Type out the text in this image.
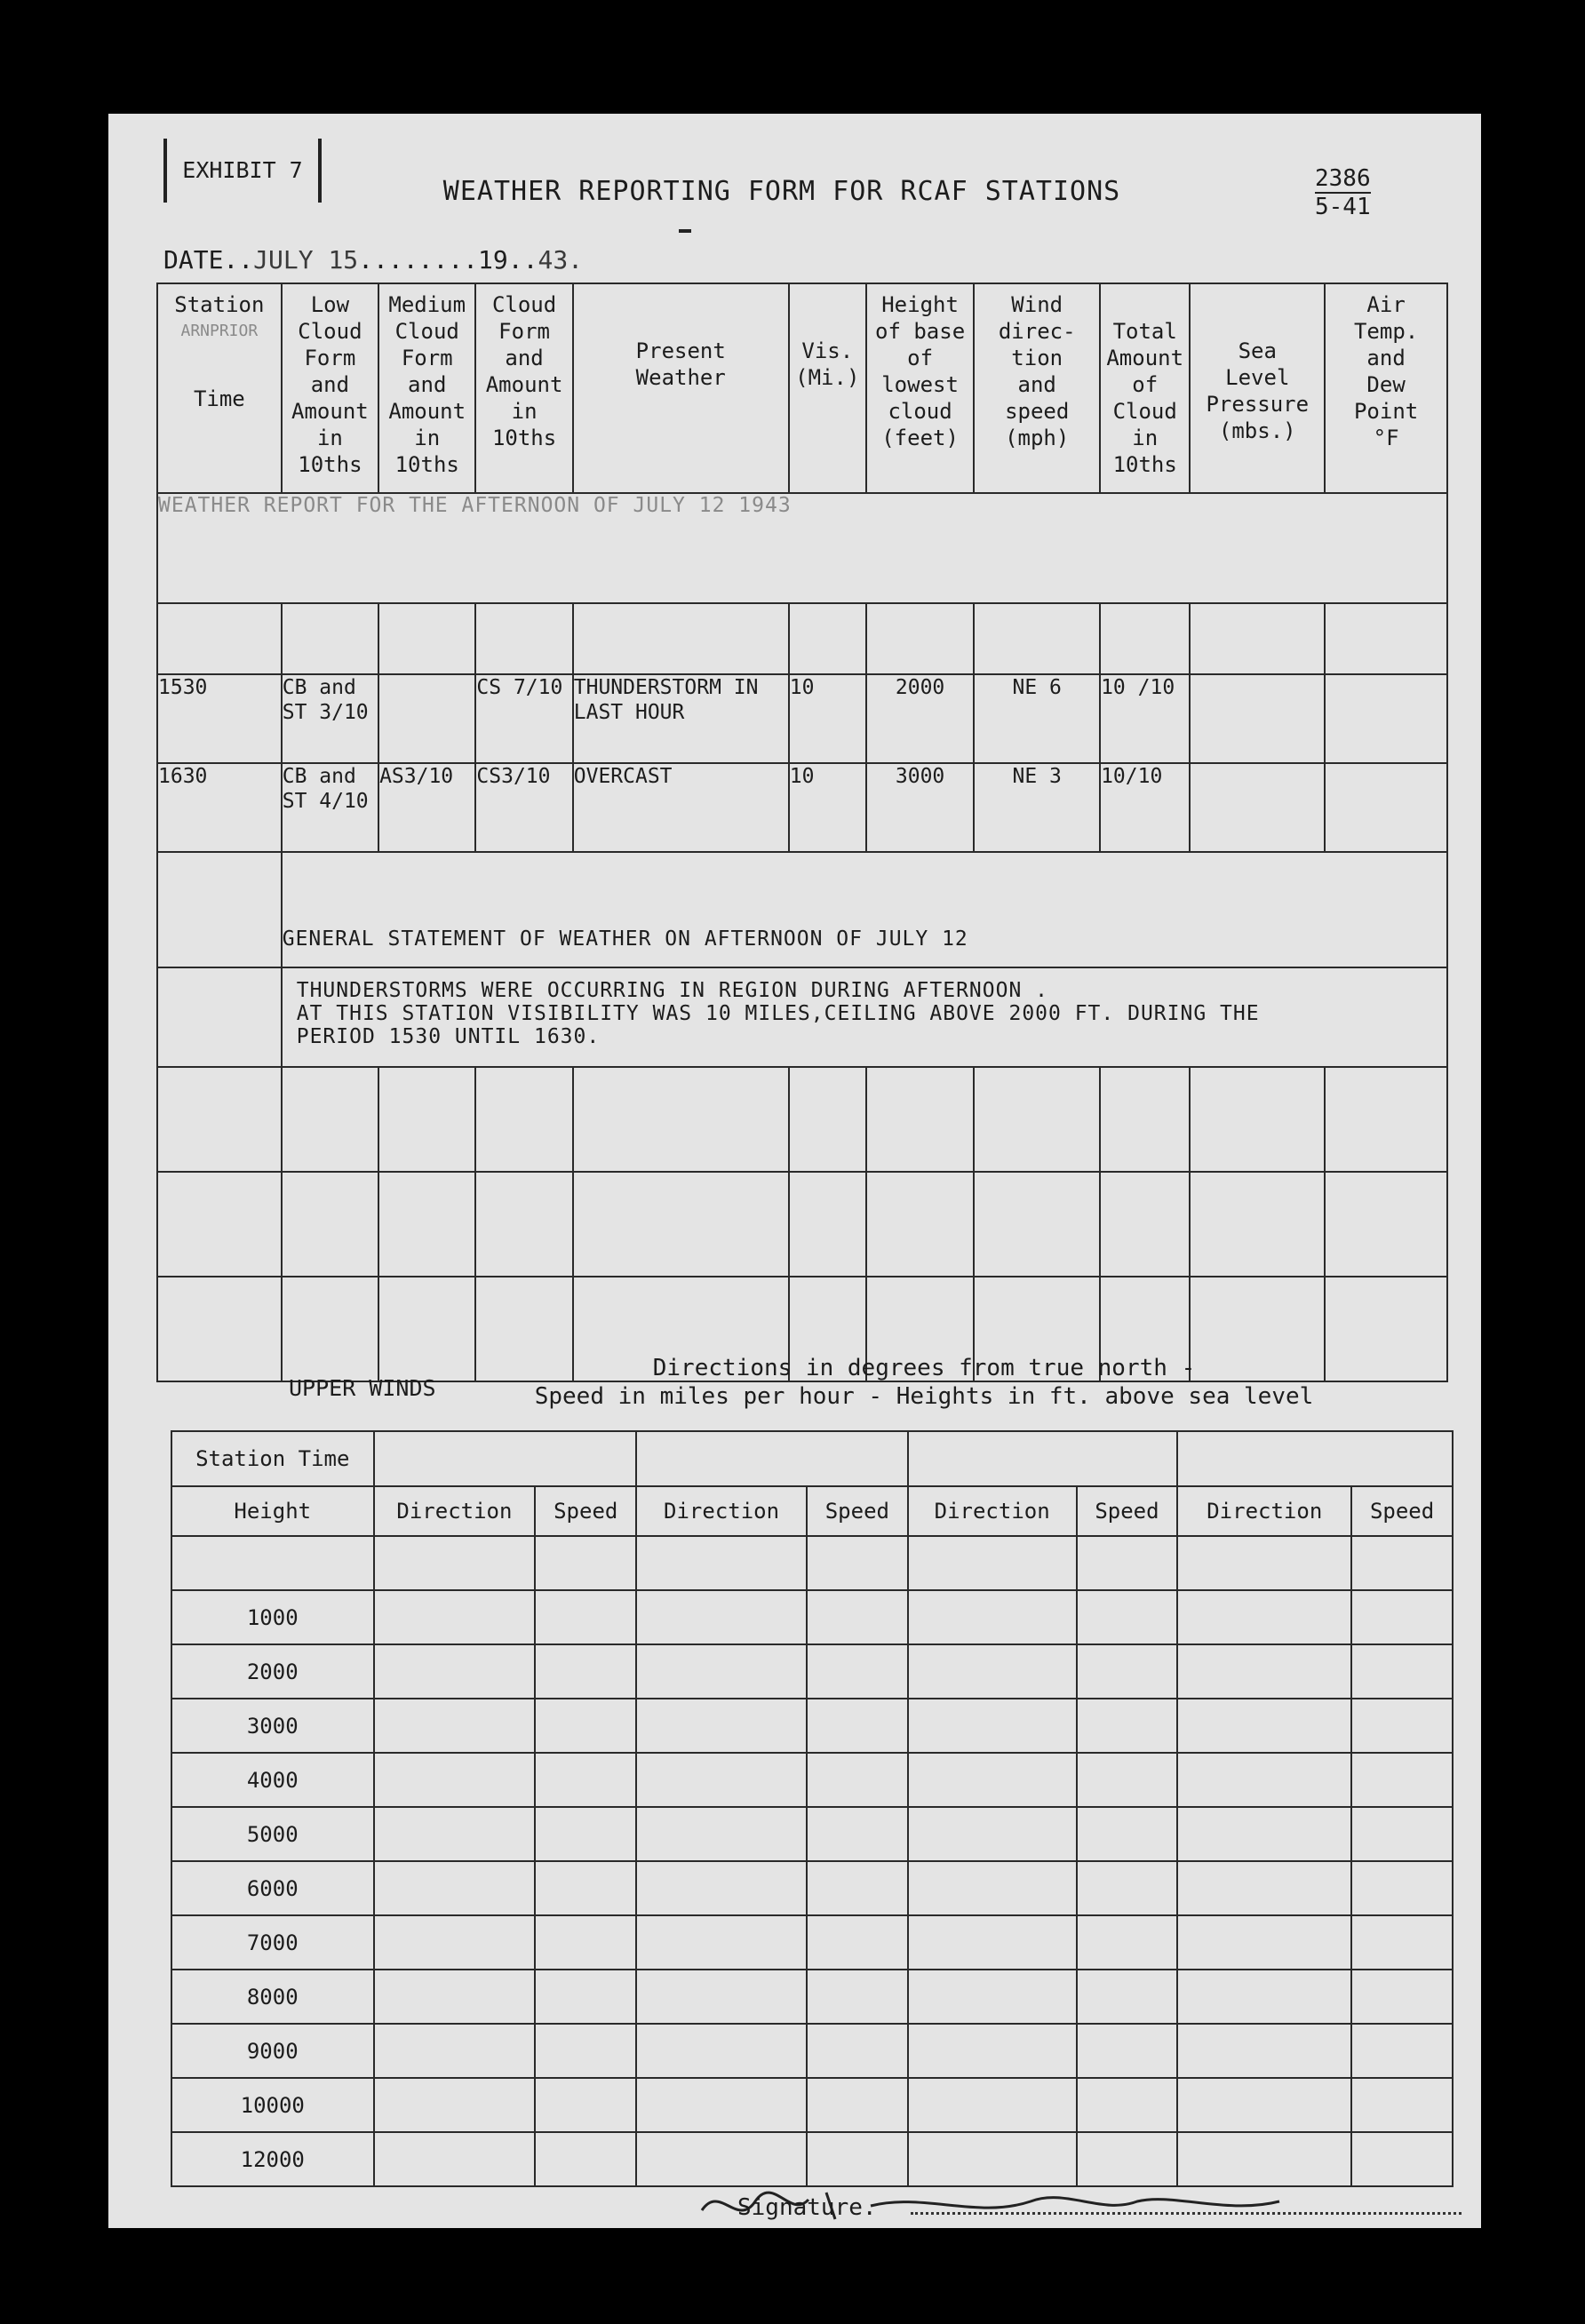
EXHIBIT 7
WEATHER REPORTING FORM FOR RCAF STATIONS	2386
5-41
DATE..JULY 15........19..43.
Station
ARNPRIOR
Time	Low Cloud Form and Amount in 10ths	Medium Cloud Form and Amount in 10ths	Cloud Form and Amount in 10ths	Present Weather	Vis. (Mi.)	Height of base of lowest cloud (feet)	Wind direc- tion and speed (mph)	Total Amount of Cloud in 10ths	Sea Level Pressure (mbs.)	Air Temp. and Dew Point °F
WEATHER REPORT FOR THE AFTERNOON OF JULY 12 1943										

1530	CB and ST 3/10		CS 7/10	THUNDERSTORM IN LAST HOUR	10	2000	NE 6	10 /10		
1630	CB and ST 4/10	AS3/10	CS3/10	OVERCAST	10	3000	NE 3	10/10		
	GENERAL STATEMENT OF WEATHER ON AFTERNOON OF JULY 12									

	THUNDERSTORMS WERE OCCURRING IN REGION DURING AFTERNOON .
AT THIS STATION VISIBILITY WAS 10 MILES,CEILING ABOVE 2000 FT. DURING THE
PERIOD 1530 UNTIL 1630.									

UPPER WINDS
Directions in degrees from true north -
Speed in miles per hour - Heights in ft. above sea level
Station Time								
Height	Direction	Speed	Direction	Speed	Direction	Speed	Direction	Speed

1000								
2000								
3000								
4000								
5000								
6000								
7000								
8000								
9000								
10000								
12000								
Signature.
